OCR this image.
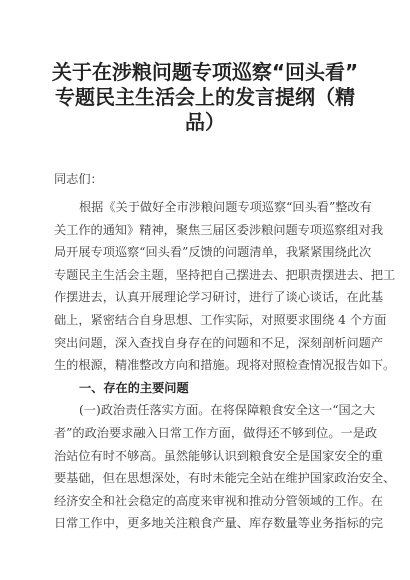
关于在涉粮问题专项巡察“回头看”
专题民主生活会上的发言提纲（精
品）
同志们：
根据《关于做好全市涉粮问题专项巡察“回头看”整改有
关工作的通知》精神，聚焦三届区委涉粮问题专项巡察组对我
局开展专项巡察“回头看”反馈的问题清单，我紧紧围绕此次
专题民主生活会主题，坚持把自己摆进去、把职责摆进去、把工
作摆进去，认真开展理论学习研讨，进行了谈心谈话，在此基
础上，紧密结合自身思想、工作实际，对照要求围绕 4 个方面
突出问题，深入查找自身存在的问题和不足，深刻剖析问题产
生的根源，精准整改方向和措施。现将对照检查情况报告如下。
一、存在的主要问题
(一)政治责任落实方面。在将保障粮食安全这一“国之大
者”的政治要求融入日常工作方面，做得还不够到位。一是政
治站位有时不够高。虽然能够认识到粮食安全是国家安全的重
要基础，但在思想深处，有时未能完全站在维护国家政治安全、
经济安全和社会稳定的高度来审视和推动分管领域的工作。在
日常工作中，更多地关注粮食产量、库存数量等业务指标的完
